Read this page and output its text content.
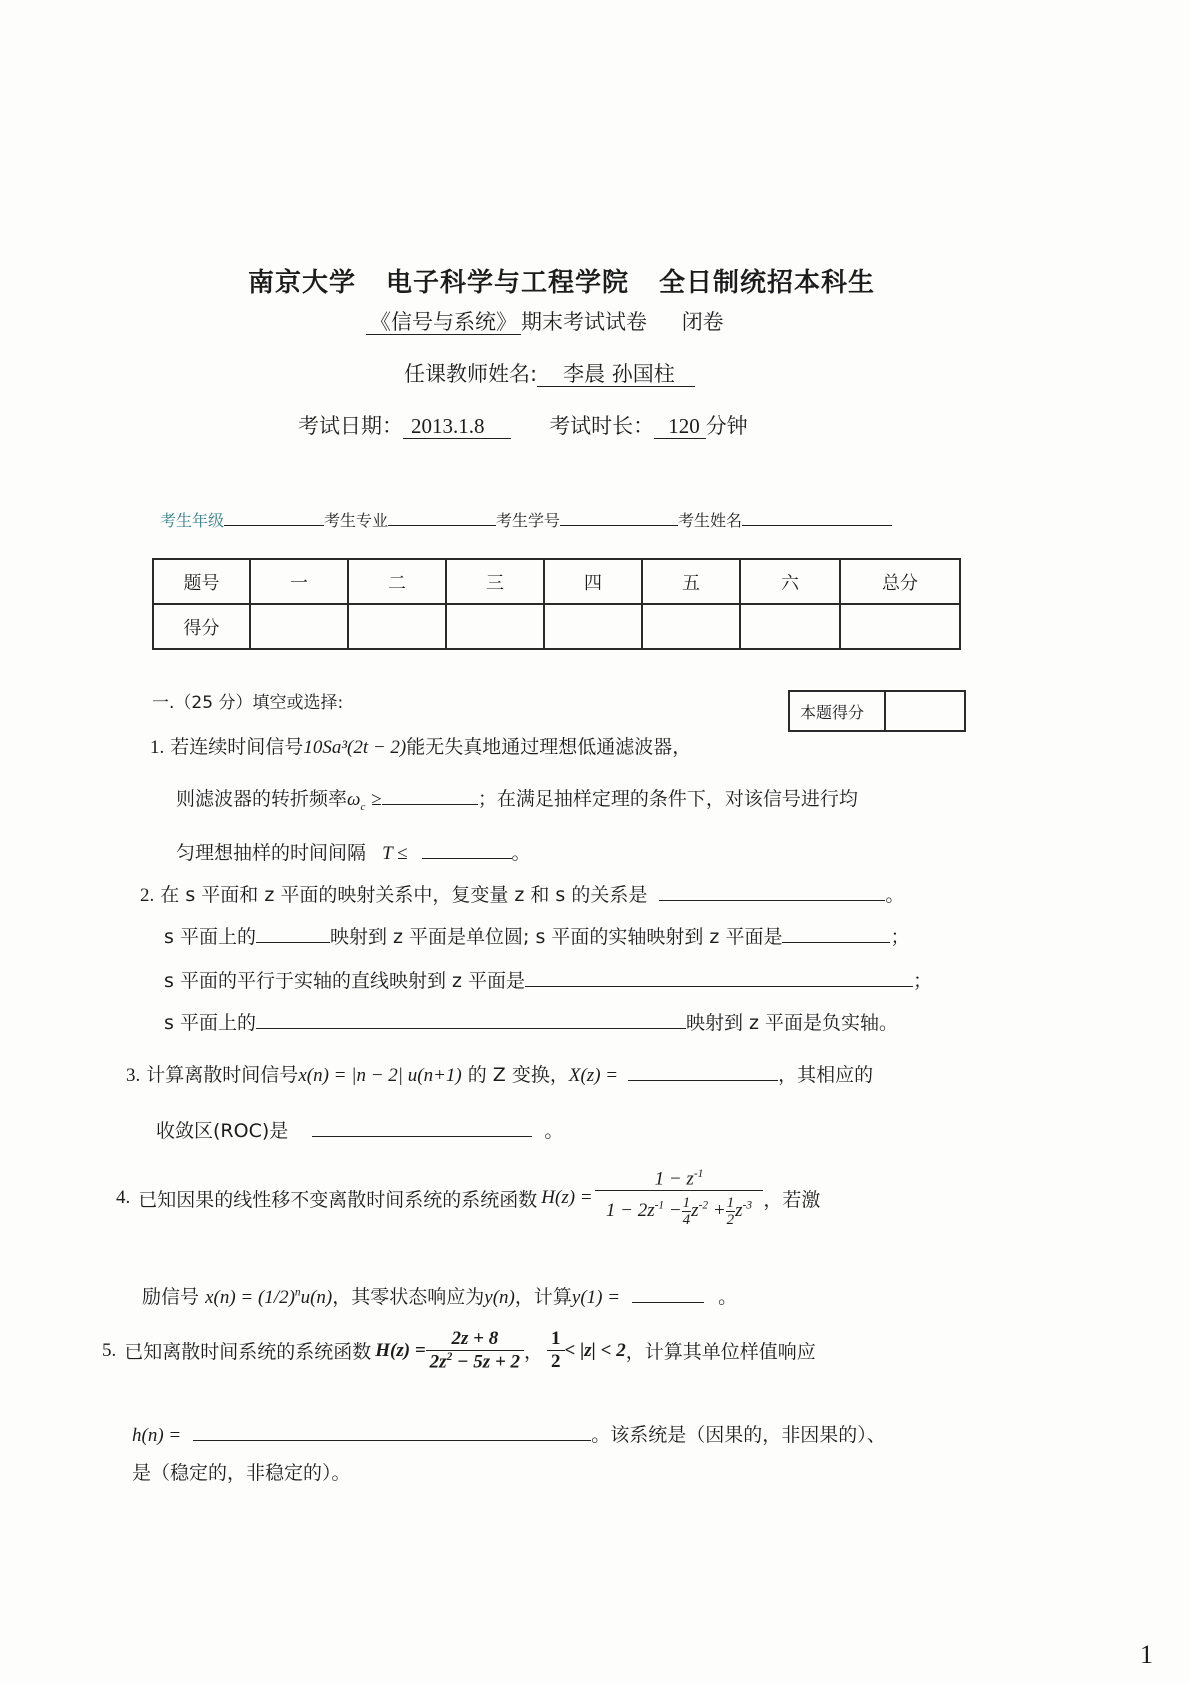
南京大学 电子科学与工程学院 全日制统招本科生
《信号与系统》 期末考试试卷 闭卷
任课教师姓名: 李晨 孙国柱
考试日期： 2013.1.8	考试时长： 120 分钟
考生年级	考生专业	考生学号	考生姓名
题号	一	二	三	四	五	六	总分
得分							
一.（25 分）填空或选择:	本题得分	
1. 若连续时间信号10Sa³(2t − 2)能无失真地通过理想低通滤波器，
则滤波器的转折频率$\omega_c$ ≥	；在满足抽样定理的条件下，对该信号进行均
匀理想抽样的时间间隔 T ≤	。
2. 在 s 平面和 z 平面的映射关系中，复变量 z 和 s 的关系是	。
s 平面上的	映射到 z 平面是单位圆; s 平面的实轴映射到 z 平面是	；
s 平面的平行于实轴的直线映射到 z 平面是	；
s 平面上的	映射到 z 平面是负实轴。
3. 计算离散时间信号x(n) = |n − 2| u(n+1) 的 Z 变换，X(z) =	，其相应的
收敛区(ROC)是	。
4. 已知因果的线性移不变离散时间系统的系统函数 $H(z) = \frac{1 - z^{-1}}{1 - 2z^{-1} - \frac{1}{4} z^{-2} + \frac{1}{2} z^{-3}}$ ，若激
励信号 $x(n) = (1/2)^nu(n)$，其零状态响应为y(n)，计算y(1) =	。
5. 已知离散时间系统的系统函数 $H(z) = \frac{2z + 8}{2z^2 - 5z + 2}$ ， $\frac{1}{2} < |z| < 2$ ，计算其单位样值响应
h(n) =	。该系统是（因果的，非因果的）、
是（稳定的，非稳定的）。
1
